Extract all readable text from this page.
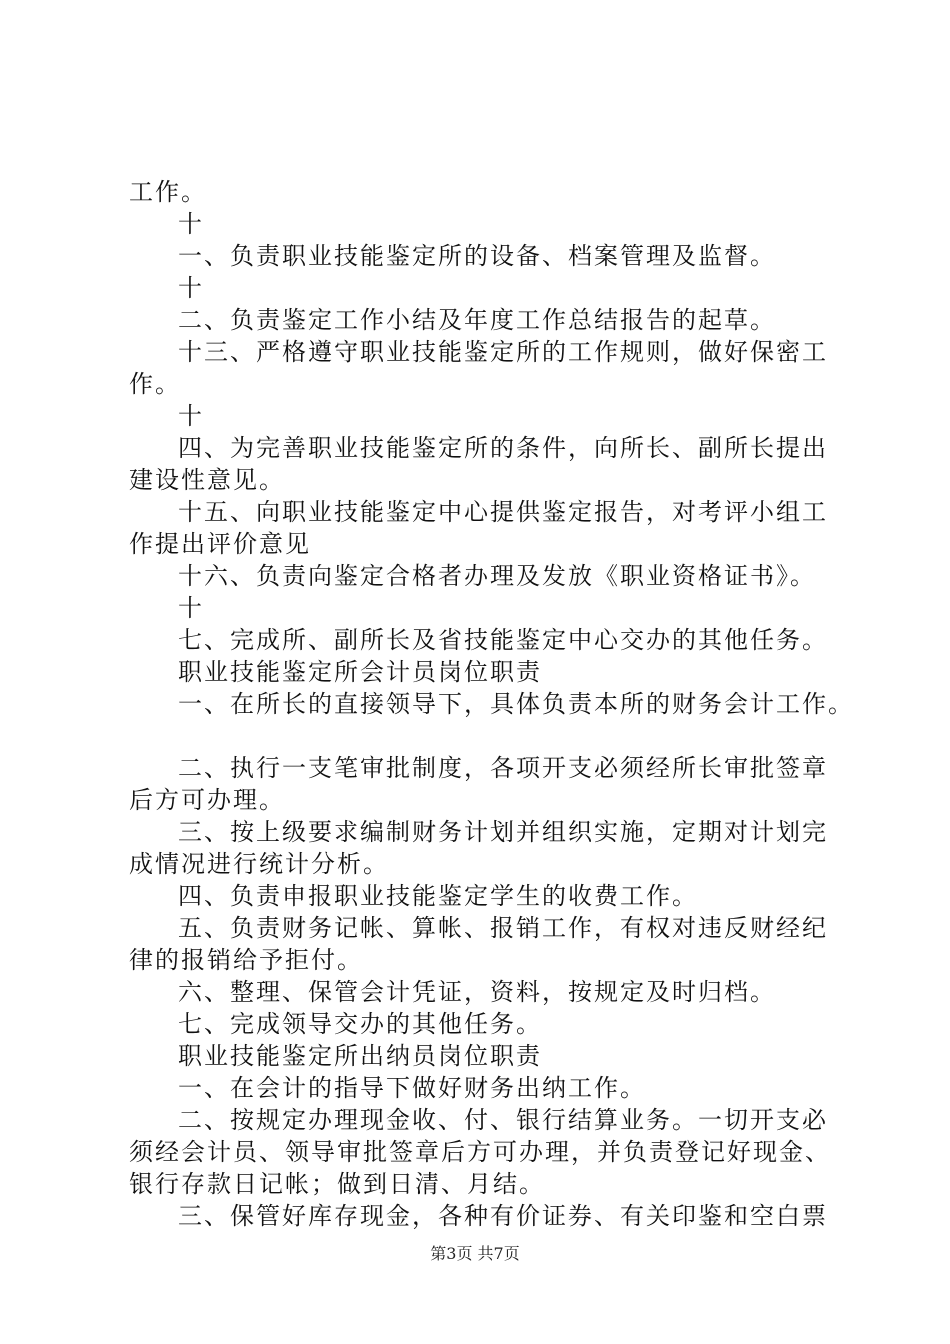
工作。
十
一、负责职业技能鉴定所的设备、档案管理及监督。
十
二、负责鉴定工作小结及年度工作总结报告的起草。
十三、严格遵守职业技能鉴定所的工作规则，做好保密工
作。
十
四、为完善职业技能鉴定所的条件，向所长、副所长提出
建设性意见。
十五、向职业技能鉴定中心提供鉴定报告，对考评小组工
作提出评价意见
十六、负责向鉴定合格者办理及发放《职业资格证书》。
十
七、完成所、副所长及省技能鉴定中心交办的其他任务。
职业技能鉴定所会计员岗位职责
一、在所长的直接领导下，具体负责本所的财务会计工作。
二、执行一支笔审批制度，各项开支必须经所长审批签章
后方可办理。
三、按上级要求编制财务计划并组织实施，定期对计划完
成情况进行统计分析。
四、负责申报职业技能鉴定学生的收费工作。
五、负责财务记帐、算帐、报销工作，有权对违反财经纪
律的报销给予拒付。
六、整理、保管会计凭证，资料，按规定及时归档。
七、完成领导交办的其他任务。
职业技能鉴定所出纳员岗位职责
一、在会计的指导下做好财务出纳工作。
二、按规定办理现金收、付、银行结算业务。一切开支必
须经会计员、领导审批签章后方可办理，并负责登记好现金、
银行存款日记帐；做到日清、月结。
三、保管好库存现金，各种有价证券、有关印鉴和空白票
第3页 共7页
